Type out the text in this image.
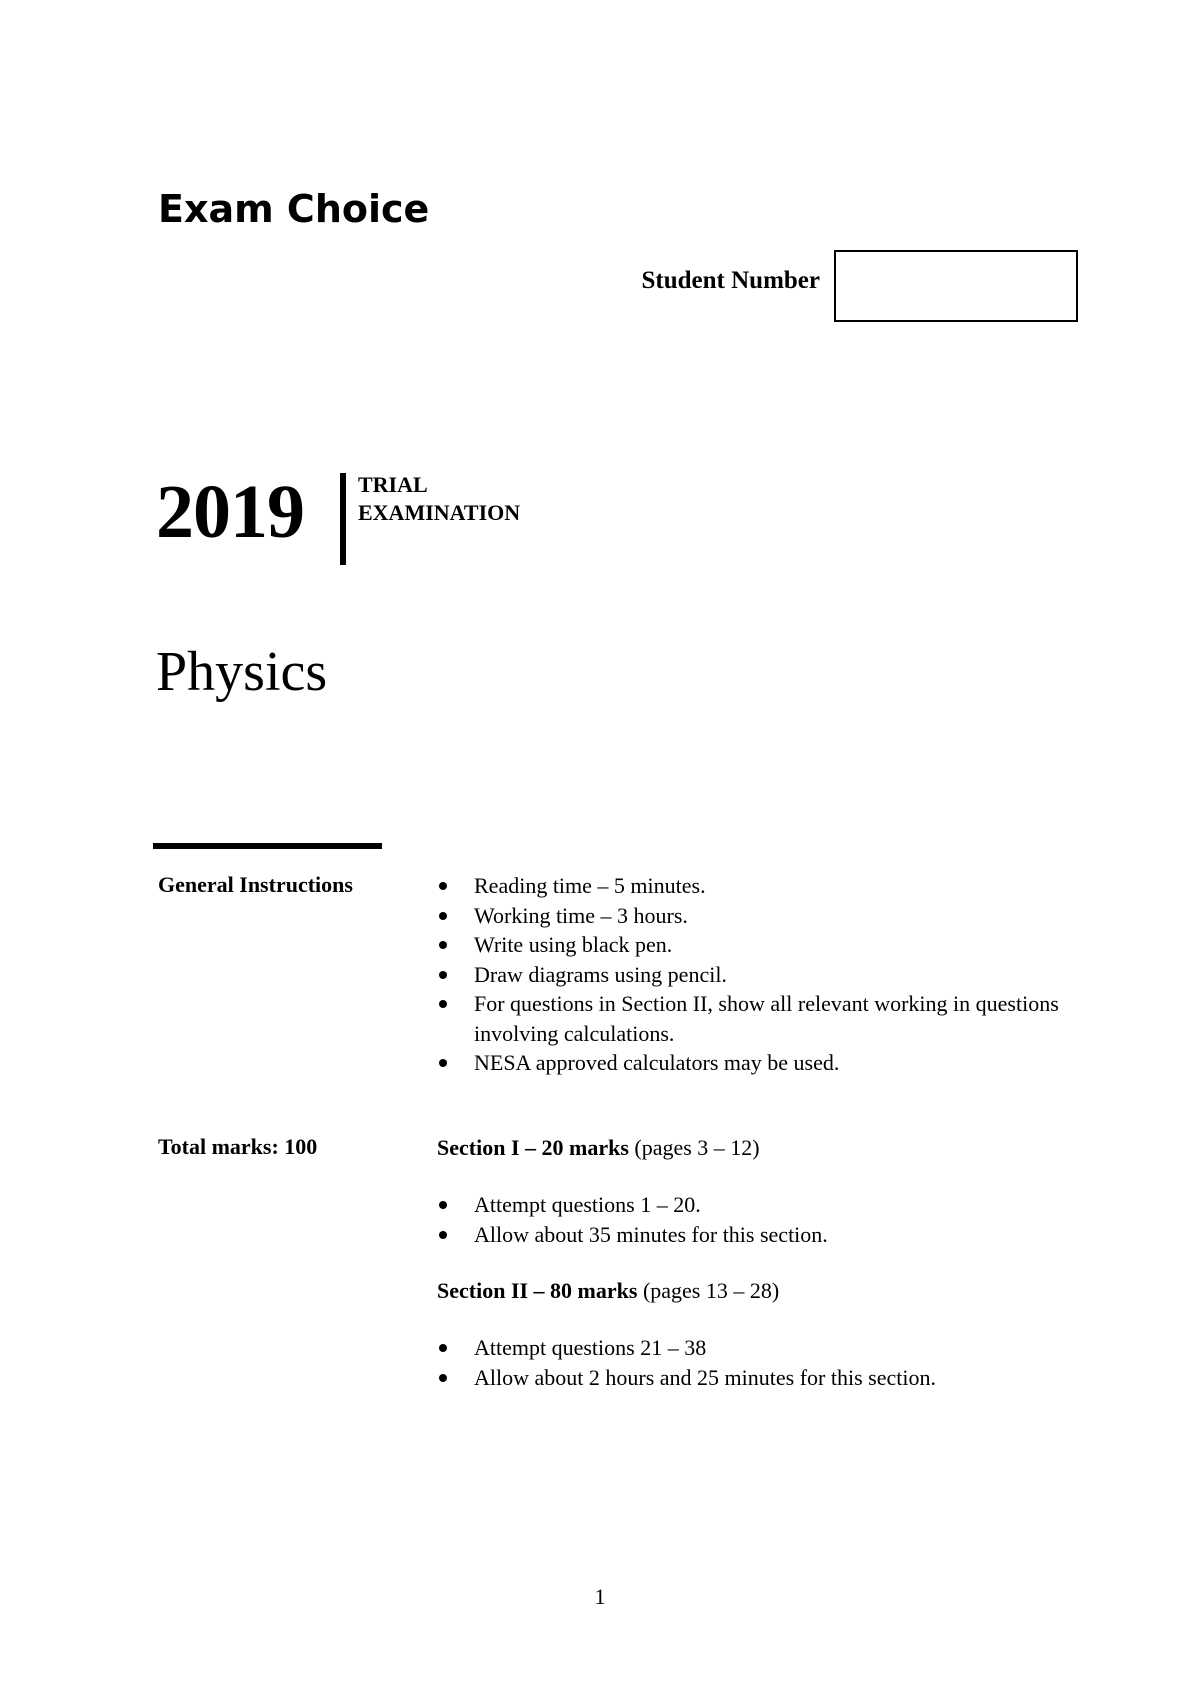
Exam Choice
Student Number
2019 TRIAL
EXAMINATION
Physics
General Instructions	Reading time – 5 minutes.
Working time – 3 hours.
Write using black pen.
Draw diagrams using pencil.
For questions in Section II, show all relevant working in questions involving calculations.
NESA approved calculators may be used.
Total marks: 100	Section I – 20 marks (pages 3 – 12)
Attempt questions 1 – 20.
Allow about 35 minutes for this section.
Section II – 80 marks (pages 13 – 28)
Attempt questions 21 – 38
Allow about 2 hours and 25 minutes for this section.
1
